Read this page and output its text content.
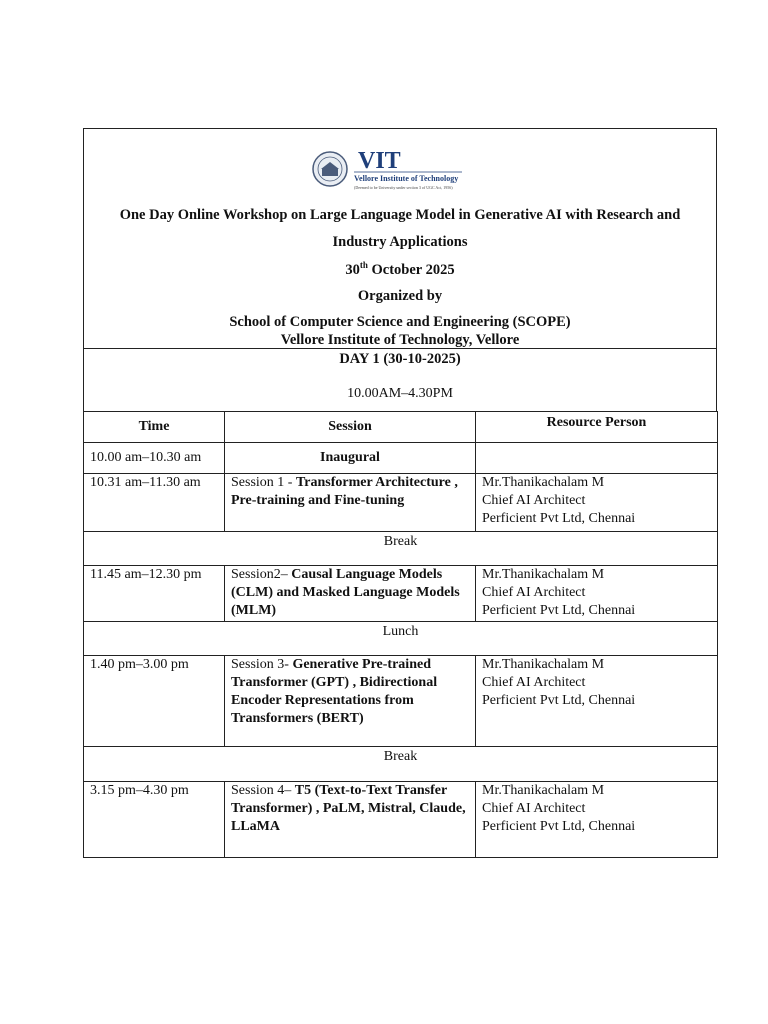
VIT
Vellore Institute of Technology
(Deemed to be University under section 3 of UGC Act, 1956)
One Day Online Workshop on Large Language Model in Generative AI with Research and
Industry Applications
30th October 2025
Organized by
School of Computer Science and Engineering (SCOPE)
Vellore Institute of Technology, Vellore
DAY 1 (30-10-2025)
10.00AM–4.30PM
Time	Session	Resource Person
10.00 am–10.30 am	Inaugural	
10.31 am–11.30 am	Session 1 - Transformer Architecture , Pre-training and Fine-tuning	Mr.Thanikachalam M
Chief AI Architect
Perficient Pvt Ltd, Chennai

Break		
11.45 am–12.30 pm	Session2– Causal Language Models (CLM) and Masked Language Models (MLM)	Mr.Thanikachalam M
Chief AI Architect
Perficient Pvt Ltd, Chennai

Lunch		
1.40 pm–3.00 pm	Session 3- Generative Pre-trained Transformer (GPT) , Bidirectional Encoder Representations from Transformers (BERT)	Mr.Thanikachalam M
Chief AI Architect
Perficient Pvt Ltd, Chennai

Break		
3.15 pm–4.30 pm	Session 4– T5 (Text-to-Text Transfer Transformer) , PaLM, Mistral, Claude, LLaMA	Mr.Thanikachalam M
Chief AI Architect
Perficient Pvt Ltd, Chennai
